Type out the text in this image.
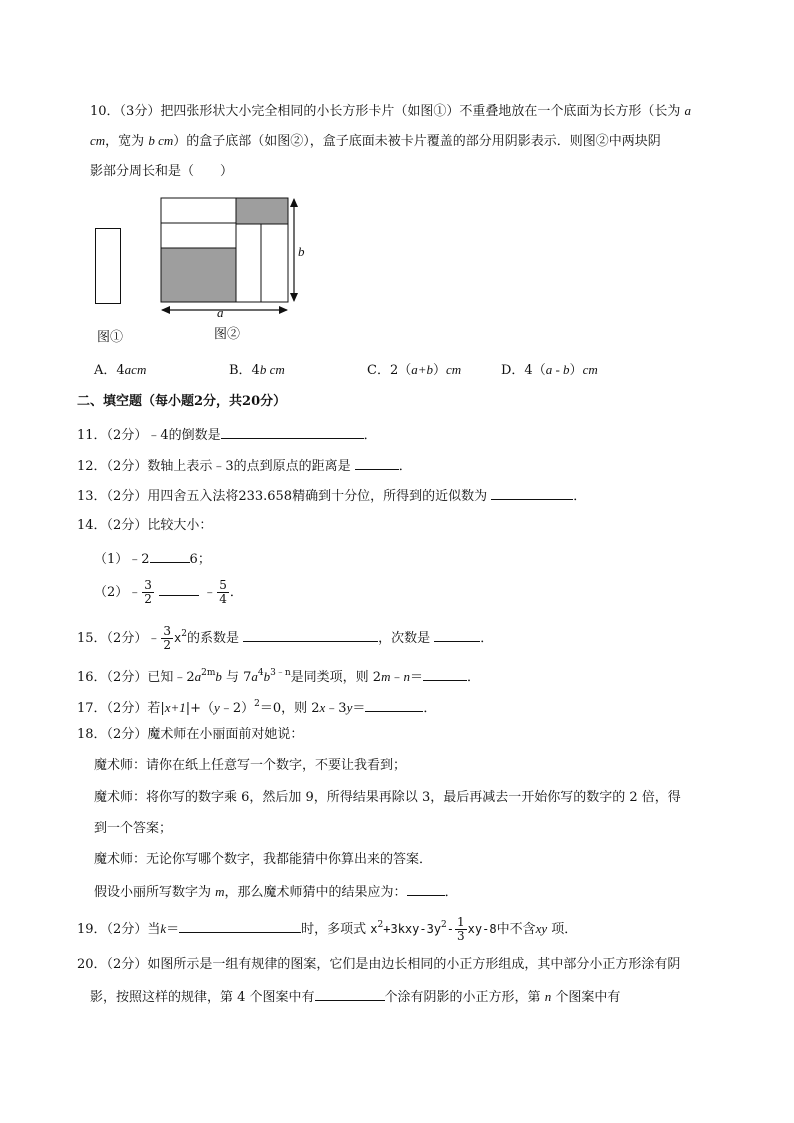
10．（3分）把四张形状大小完全相同的小长方形卡片（如图①）不重叠地放在一个底面为长方形（长为 a
cm，宽为 b cm）的盒子底部（如图②），盒子底面未被卡片覆盖的部分用阴影表示．则图②中两块阴
影部分周长和是（　　）
图①
b
a
图②
A．4acm	B．4b cm	C．2（a+b）cm	D．4（a - b）cm
二、填空题（每小题2分，共20分）
11．（2分）﹣4的倒数是	．
12．（2分）数轴上表示﹣3的点到原点的距离是	．
13．（2分）用四舍五入法将233.658精确到十分位，所得到的近似数为	．
14．（2分）比较大小：
（1）﹣2	6；
（2）﹣ $\frac{3}{2}$	﹣ $\frac{5}{4}$ ．
15．（2分）﹣ $\frac{3}{2} x^2$的系数是	，次数是	．
16．（2分）已知$﹣2a^{2m}b$ 与 $7a^4b^{3﹣n}$是同类项，则 2m﹣n＝	．
17．（2分）若|x+1|+（y﹣2）$^2$＝0，则 2x﹣3y＝	．
18．（2分）魔术师在小丽面前对她说：
魔术师：请你在纸上任意写一个数字，不要让我看到；
魔术师：将你写的数字乘 6，然后加 9，所得结果再除以 3，最后再减去一开始你写的数字的 2 倍，得
到一个答案；
魔术师：无论你写哪个数字，我都能猜中你算出来的答案．
假设小丽所写数字为 m，那么魔术师猜中的结果应为：	．
19．（2分）当k＝	时，多项式 $x^2+3kxy-3y^2- \frac{1}{3} xy-8$中不含xy 项．
20．（2分）如图所示是一组有规律的图案，它们是由边长相同的小正方形组成，其中部分小正方形涂有阴
影，按照这样的规律，第 4 个图案中有	个涂有阴影的小正方形，第 n 个图案中有
